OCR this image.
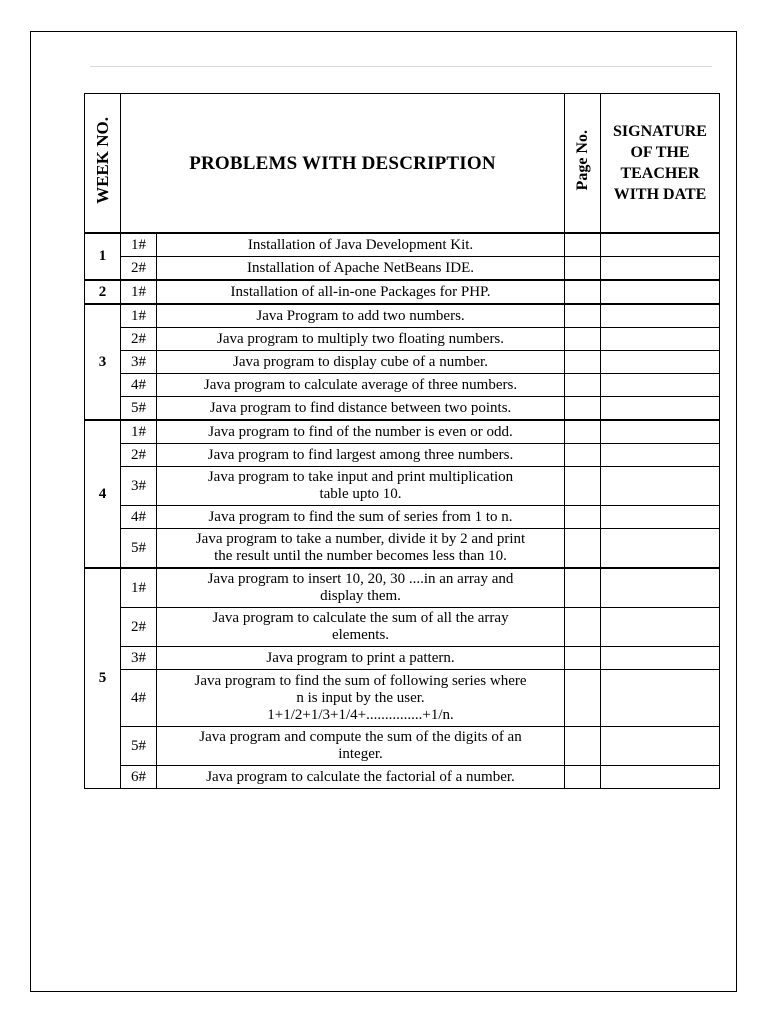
WEEK NO.	PROBLEMS WITH DESCRIPTION		Page No.	SIGNATURE
OF THE
TEACHER
WITH DATE

1	1#	Installation of Java Development Kit.		

	2#	Installation of Apache NetBeans IDE.		

2	1#	Installation of all-in-one Packages for PHP.		

3	1#	Java Program to add two numbers.		

	2#	Java program to multiply two floating numbers.		

	3#	Java program to display cube of a number.		

	4#	Java program to calculate average of three numbers.		

	5#	Java program to find distance between two points.		

4	1#	Java program to find of the number is even or odd.		

	2#	Java program to find largest among three numbers.		

	3#	Java program to take input and print multiplication
table upto 10.		

	4#	Java program to find the sum of series from 1 to n.		

	5#	Java program to take a number, divide it by 2 and print
the result until the number becomes less than 10.		

5	1#	Java program to insert 10, 20, 30 ....in an array and
display them.		

	2#	Java program to calculate the sum of all the array
elements.		

	3#	Java program to print a pattern.		

	4#	Java program to find the sum of following series where
n is input by the user.
1+1/2+1/3+1/4+...............+1/n.		

	5#	Java program and compute the sum of the digits of an
integer.		

	6#	Java program to calculate the factorial of a number.		
